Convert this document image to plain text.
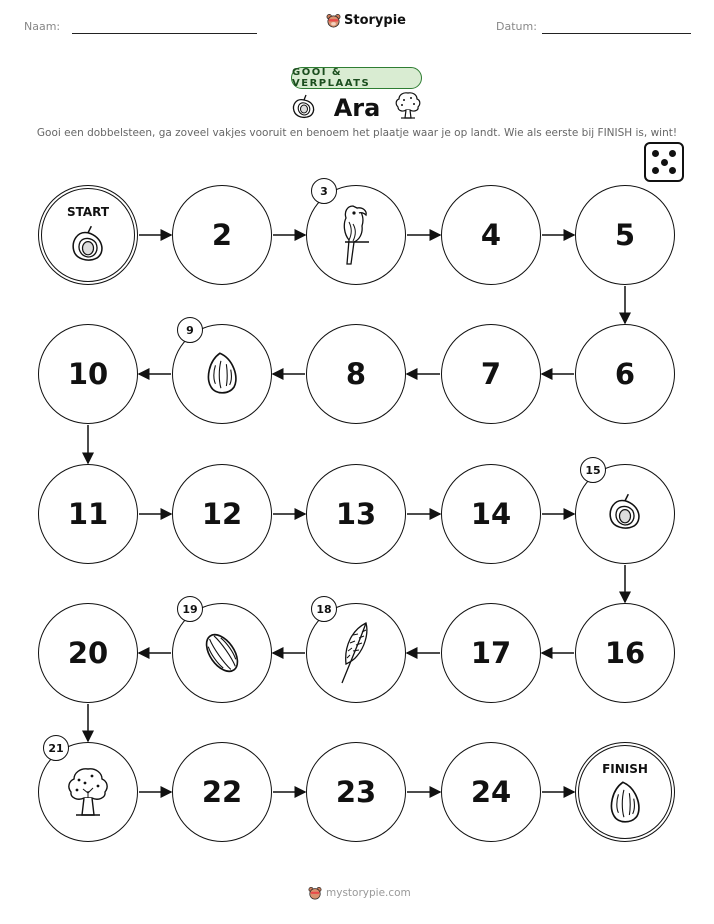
Naam:	Storypie	Datum:
GOOI & VERPLAATS
Ara
Gooi een dobbelsteen, ga zoveel vakjes vooruit en benoem het plaatje waar je op landt. Wie als eerste bij FINISH is, wint!
START
2
3
4	5
6
7
8
9
10
11	12	13	14
15
16
17
18
19
20
21
22	23	24
FINISH
mystorypie.com
